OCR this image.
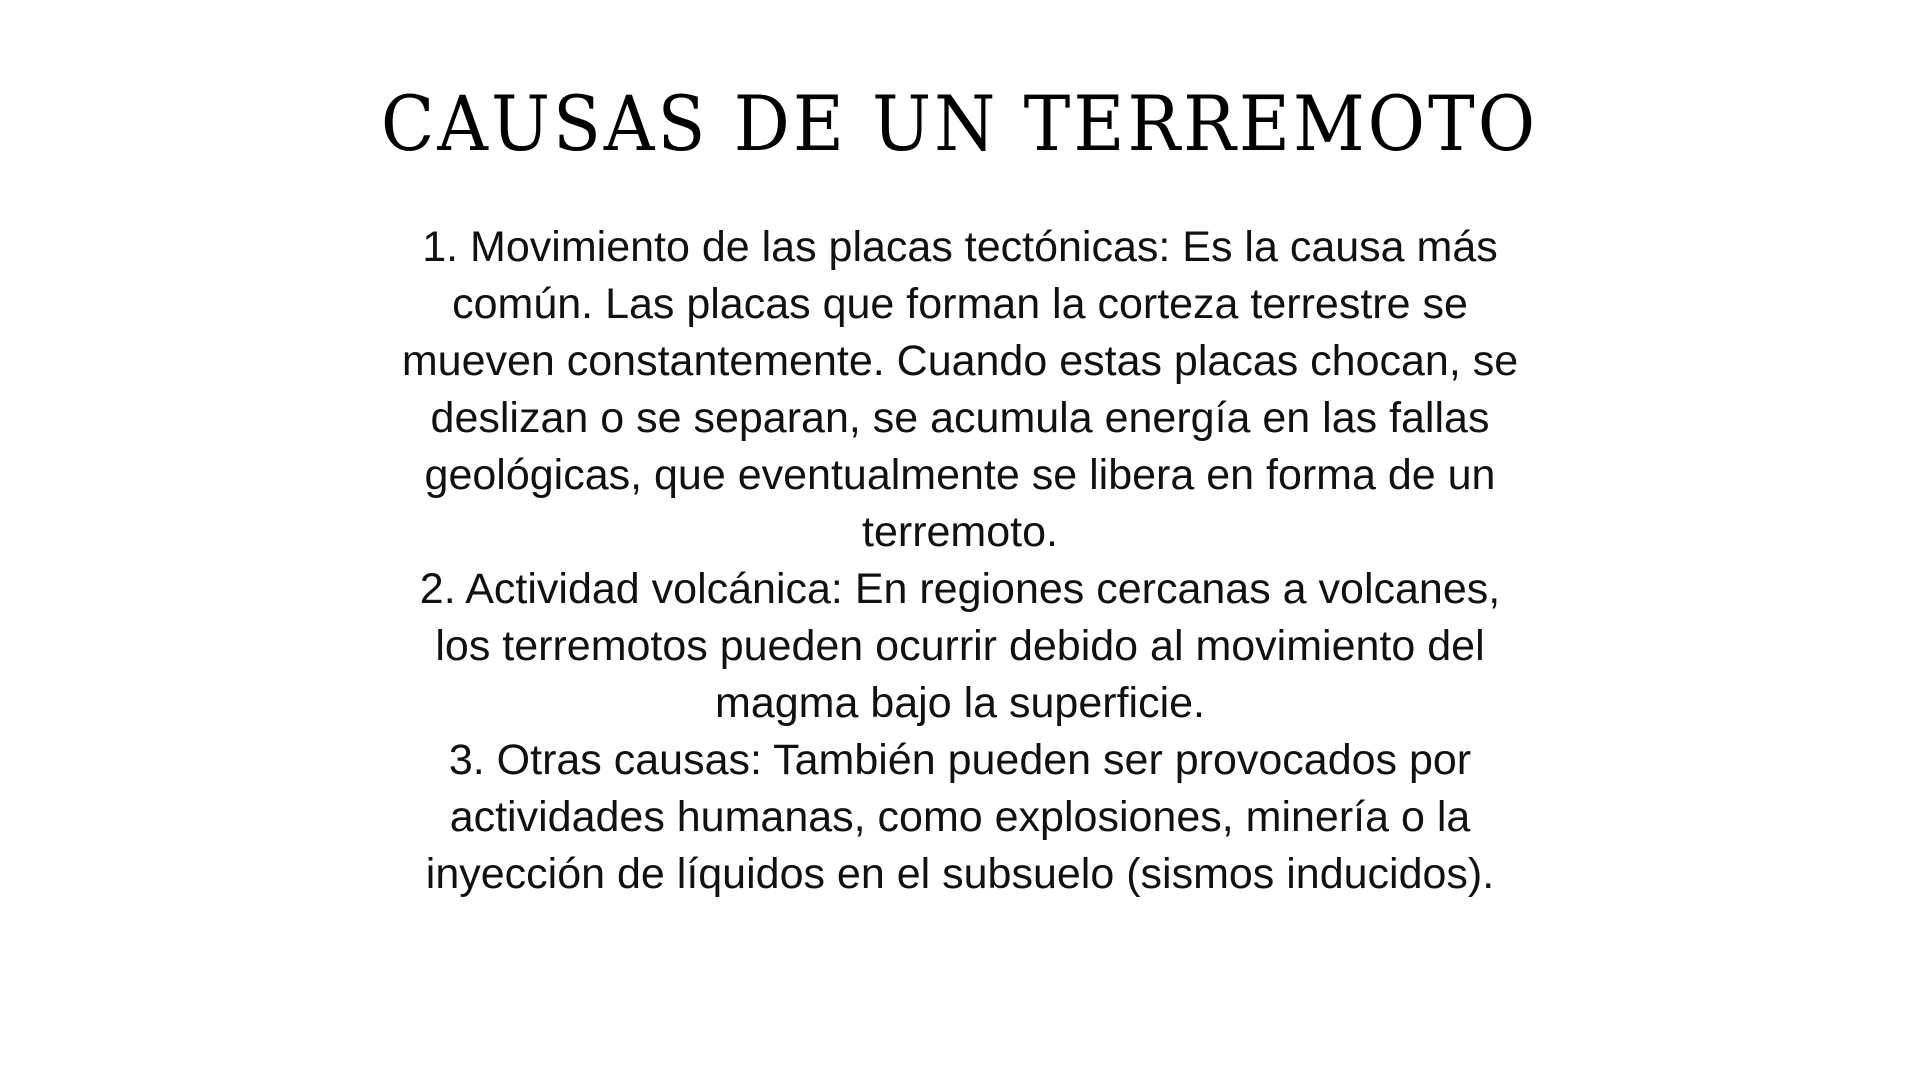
CAUSAS DE UN TERREMOTO
1. Movimiento de las placas tectónicas: Es la causa más
común. Las placas que forman la corteza terrestre se
mueven constantemente. Cuando estas placas chocan, se
deslizan o se separan, se acumula energía en las fallas
geológicas, que eventualmente se libera en forma de un
terremoto.
2. Actividad volcánica: En regiones cercanas a volcanes,
los terremotos pueden ocurrir debido al movimiento del
magma bajo la superficie.
3. Otras causas: También pueden ser provocados por
actividades humanas, como explosiones, minería o la
inyección de líquidos en el subsuelo (sismos inducidos).
